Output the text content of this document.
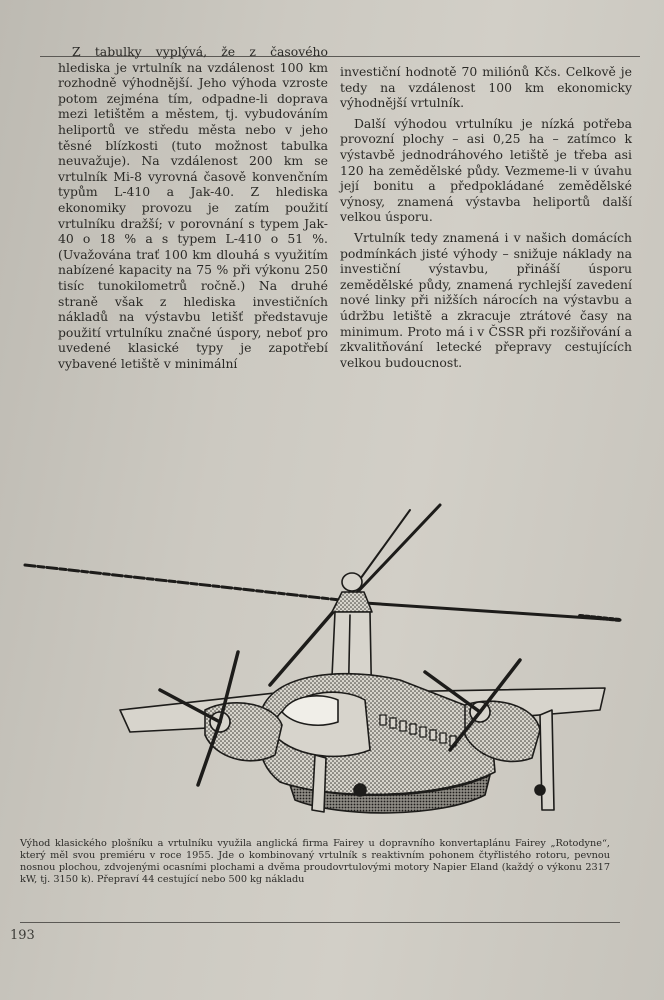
Z tabulky vyplývá, že z časového hlediska je vrtulník na vzdálenost 100 km rozhodně výhodnější. Jeho výhoda vzroste potom zejména tím, odpadne-li doprava mezi letištěm a městem, tj. vybudováním heliportů ve středu města nebo v jeho těsné blízkosti (tuto možnost tabulka neuvažuje). Na vzdálenost 200 km se vrtulník Mi-8 vyrovná časově konvenčním typům L-410 a Jak-40. Z hlediska ekonomiky provozu je zatím použití vrtulníku dražší; v porovnání s typem Jak-40 o 18 % a s typem L-410 o 51 %. (Uvažována trať 100 km dlouhá s využitím nabízené kapacity na 75 % při výkonu 250 tisíc tunokilometrů ročně.) Na druhé straně však z hlediska investičních nákladů na výstavbu letišť představuje použití vrtulníku značné úspory, neboť pro uvedené klasické typy je zapotřebí vybavené letiště v minimální

investiční hodnotě 70 miliónů Kčs. Celkově je tedy na vzdálenost 100 km ekonomicky výhodnější vrtulník.

Další výhodou vrtulníku je nízká potřeba provozní plochy – asi 0,25 ha – zatímco k výstavbě jednodráhového letiště je třeba asi 120 ha zemědělské půdy. Vezmeme-li v úvahu její bonitu a předpokládané zemědělské výnosy, znamená výstavba heliportů další velkou úsporu.

Vrtulník tedy znamená i v našich domácích podmínkách jisté výhody – snižuje náklady na investiční výstavbu, přináší úsporu zemědělské půdy, znamená rychlejší zavedení nové linky při nižších nárocích na výstavbu a údržbu letiště a zkracuje ztrátové časy na minimum. Proto má i v ČSSR při rozšiřování a zkvalitňování letecké přepravy cestujících velkou budoucnost.

Výhod klasického plošníku a vrtulníku využila anglická firma Fairey u dopravního konvertaplánu Fairey „Rotodyne“, který měl svou premiéru v roce 1955. Jde o kombinovaný vrtulník s reaktivním pohonem čtyřlistého rotoru, pevnou nosnou plochou, zdvojenými ocasními plochami a dvěma proudovrtulovými motory Napier Eland (každý o výkonu 2317 kW, tj. 3150 k). Přepraví 44 cestující nebo 500 kg nákladu
193
